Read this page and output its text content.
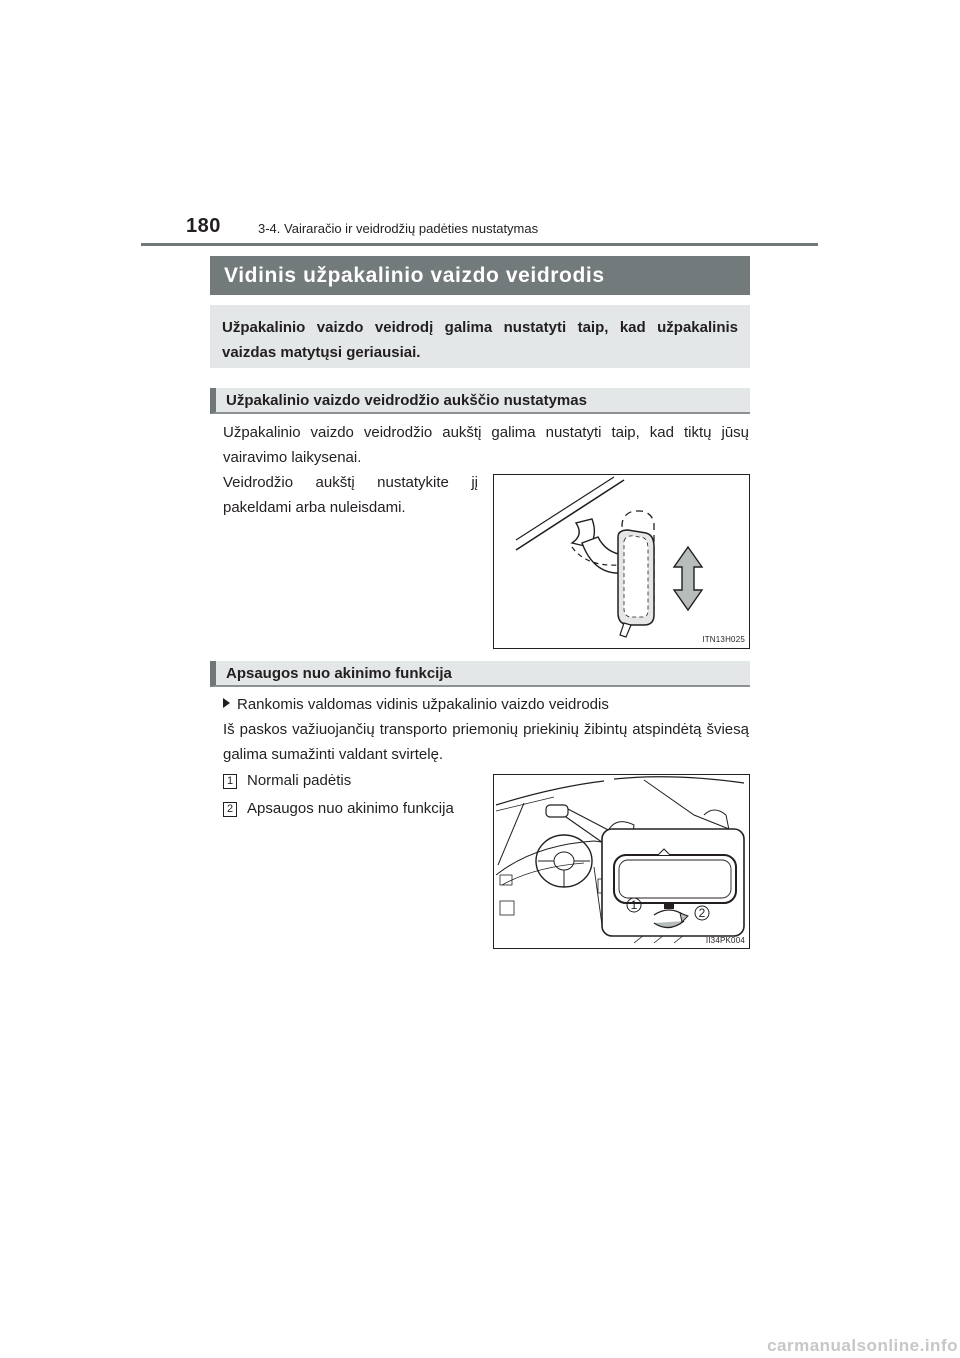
180	3-4. Vairaračio ir veidrodžių padėties nustatymas
Vidinis užpakalinio vaizdo veidrodis
Užpakalinio vaizdo veidrodį galima nustatyti taip, kad užpakalinis vaizdas matytųsi geriausiai.
Užpakalinio vaizdo veidrodžio aukščio nustatymas
Užpakalinio vaizdo veidrodžio aukštį galima nustatyti taip, kad tiktų jūsų vairavimo laikysenai.
Veidrodžio aukštį nustatykite jį pakeldami arba nuleisdami.
ITN13H025
Apsaugos nuo akinimo funkcija
Rankomis valdomas vidinis užpakalinio vaizdo veidrodis
Iš paskos važiuojančių transporto priemonių priekinių žibintų atspindėtą šviesą galima sumažinti valdant svirtelę.
1 Normali padėtis
2 Apsaugos nuo akinimo funkcija
1
2
II34PK004
carmanualsonline.info
